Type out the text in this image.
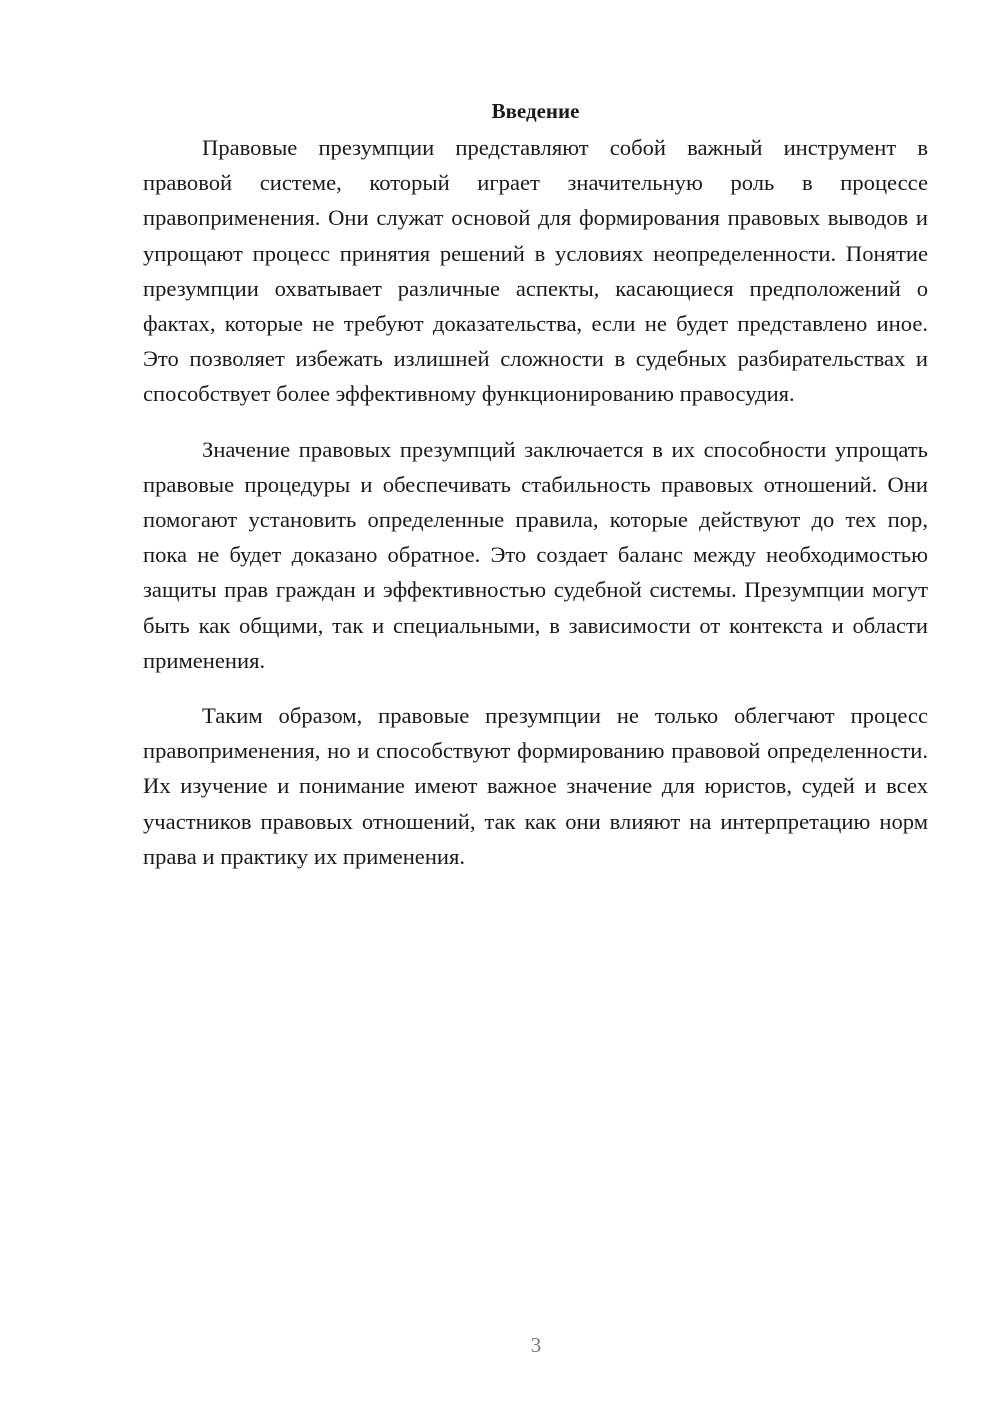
Введение

Правовые презумпции представляют собой важный инструмент в правовой системе, который играет значительную роль в процессе правоприменения. Они служат основой для формирования правовых выводов и упрощают процесс принятия решений в условиях неопределенности. Понятие презумпции охватывает различные аспекты, касающиеся предположений о фактах, которые не требуют доказательства, если не будет представлено иное. Это позволяет избежать излишней сложности в судебных разбирательствах и способствует более эффективному функционированию правосудия.

Значение правовых презумпций заключается в их способности упрощать правовые процедуры и обеспечивать стабильность правовых отношений. Они помогают установить определенные правила, которые действуют до тех пор, пока не будет доказано обратное. Это создает баланс между необходимостью защиты прав граждан и эффективностью судебной системы. Презумпции могут быть как общими, так и специальными, в зависимости от контекста и области применения.

Таким образом, правовые презумпции не только облегчают процесс правоприменения, но и способствуют формированию правовой определенности. Их изучение и понимание имеют важное значение для юристов, судей и всех участников правовых отношений, так как они влияют на интерпретацию норм права и практику их применения.

3
